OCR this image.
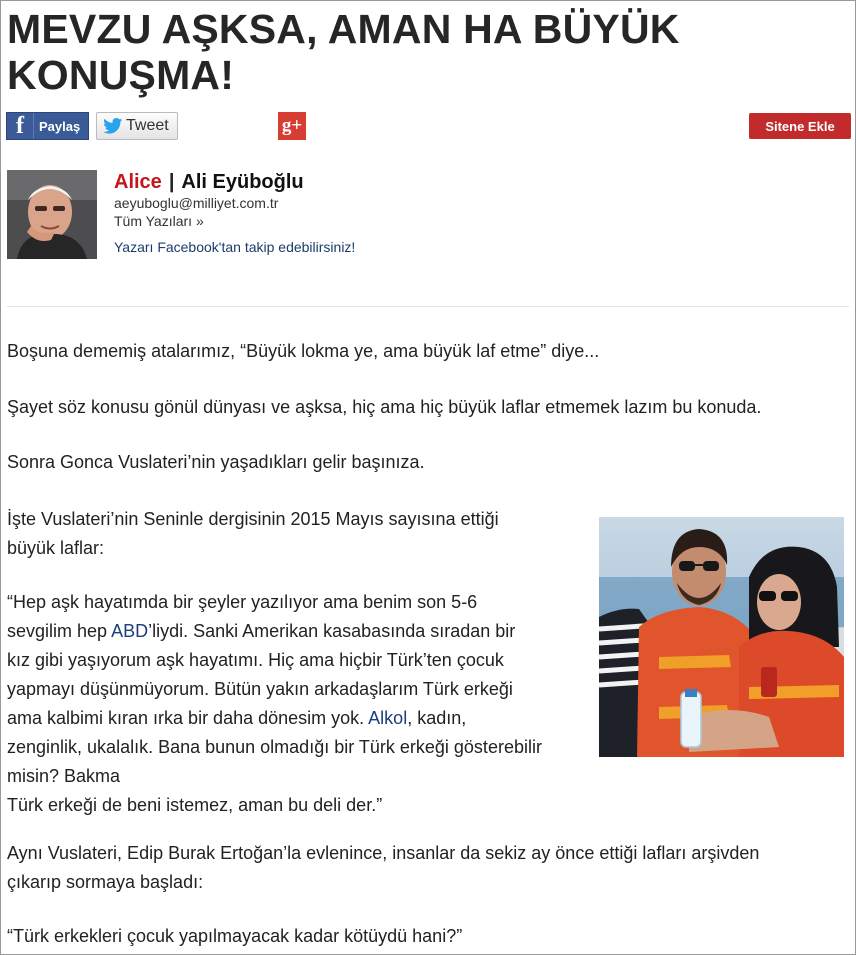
MEVZU AŞKSA, AMAN HA BÜYÜK
KONUŞMA!
f	Paylaş	Tweet	g+	Sitene Ekle

Alice | Ali Eyüboğlu

aeyuboglu@milliyet.com.tr
Tüm Yazıları »
Yazarı Facebook'tan takip edebilirsiniz!

Boşuna dememiş atalarımız, “Büyük lokma ye, ama büyük laf etme” diye...

Şayet söz konusu gönül dünyası ve aşksa, hiç ama hiç büyük laflar etmemek lazım bu konuda.

Sonra Gonca Vuslateri’nin yaşadıkları gelir başınıza.

İşte Vuslateri’nin Seninle dergisinin 2015 Mayıs sayısına ettiği
büyük laflar:

“Hep aşk hayatımda bir şeyler yazılıyor ama benim son 5-6
sevgilim hep ABD’liydi. Sanki Amerikan kasabasında sıradan bir
kız gibi yaşıyorum aşk hayatımı. Hiç ama hiçbir Türk’ten çocuk
yapmayı düşünmüyorum. Bütün yakın arkadaşlarım Türk erkeği
ama kalbimi kıran ırka bir daha dönesim yok. Alkol, kadın,
zenginlik, ukalalık. Bana bunun olmadığı bir Türk erkeği gösterebilir
misin? Bakma
Türk erkeği de beni istemez, aman bu deli der.”

Aynı Vuslateri, Edip Burak Ertoğan’la evlenince, insanlar da sekiz ay önce ettiği lafları arşivden
çıkarıp sormaya başladı:

“Türk erkekleri çocuk yapılmayacak kadar kötüydü hani?”
